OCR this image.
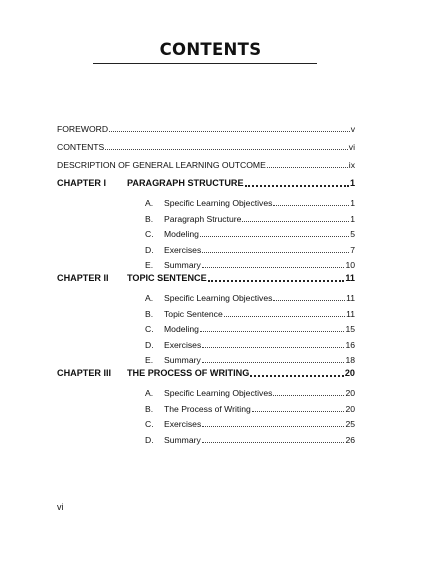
CONTENTS
FOREWORD	v
CONTENTS	vi
DESCRIPTION OF GENERAL LEARNING OUTCOME	ix
CHAPTER I	PARAGRAPH STRUCTURE	1
A.	Specific Learning Objectives	1
B.	Paragraph Structure	1
C.	Modeling	5
D.	Exercises	7
E.	Summary	10
CHAPTER II	TOPIC SENTENCE	11
A.	Specific Learning Objectives	11
B.	Topic Sentence	11
C.	Modeling	15
D.	Exercises	16
E.	Summary	18
CHAPTER III	THE PROCESS OF WRITING	20
A.	Specific Learning Objectives	20
B.	The Process of Writing	20
C.	Exercises	25
D.	Summary	26
vi
